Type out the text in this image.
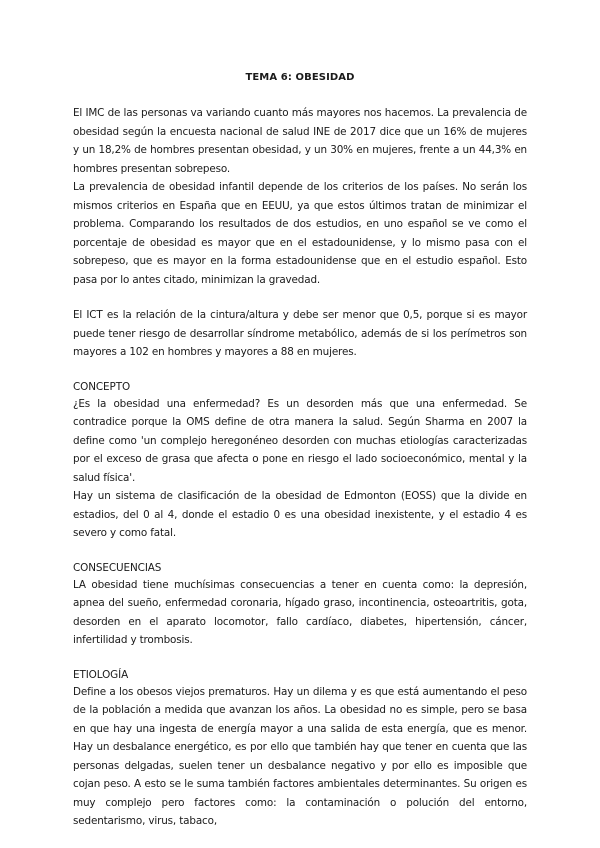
TEMA 6: OBESIDAD

El IMC de las personas va variando cuanto más mayores nos hacemos. La prevalencia de obesidad según la encuesta nacional de salud INE de 2017 dice que un 16% de mujeres y un 18,2% de hombres presentan obesidad, y un 30% en mujeres, frente a un 44,3% en hombres presentan sobrepeso.

La prevalencia de obesidad infantil depende de los criterios de los países. No serán los mismos criterios en España que en EEUU, ya que estos últimos tratan de minimizar el problema. Comparando los resultados de dos estudios, en uno español se ve como el porcentaje de obesidad es mayor que en el estadounidense, y lo mismo pasa con el sobrepeso, que es mayor en la forma estadounidense que en el estudio español. Esto pasa por lo antes citado, minimizan la gravedad.

El ICT es la relación de la cintura/altura y debe ser menor que 0,5, porque si es mayor puede tener riesgo de desarrollar síndrome metabólico, además de si los perímetros son mayores a 102 en hombres y mayores a 88 en mujeres.

CONCEPTO

¿Es la obesidad una enfermedad? Es un desorden más que una enfermedad. Se contradice porque la OMS define de otra manera la salud. Según Sharma en 2007 la define como 'un complejo heregonéneo desorden con muchas etiologías caracterizadas por el exceso de grasa que afecta o pone en riesgo el lado socioeconómico, mental y la salud física'.

Hay un sistema de clasificación de la obesidad de Edmonton (EOSS) que la divide en estadios, del 0 al 4, donde el estadio 0 es una obesidad inexistente, y el estadio 4 es severo y como fatal.

CONSECUENCIAS

LA obesidad tiene muchísimas consecuencias a tener en cuenta como: la depresión, apnea del sueño, enfermedad coronaria, hígado graso, incontinencia, osteoartritis, gota, desorden en el aparato locomotor, fallo cardíaco, diabetes, hipertensión, cáncer, infertilidad y trombosis.

ETIOLOGÍA

Define a los obesos viejos prematuros. Hay un dilema y es que está aumentando el peso de la población a medida que avanzan los años. La obesidad no es simple, pero se basa en que hay una ingesta de energía mayor a una salida de esta energía, que es menor. Hay un desbalance energético, es por ello que también hay que tener en cuenta que las personas delgadas, suelen tener un desbalance negativo y por ello es imposible que cojan peso. A esto se le suma también factores ambientales determinantes. Su origen es muy complejo pero factores como: la contaminación o polución del entorno, sedentarismo, virus, tabaco,
